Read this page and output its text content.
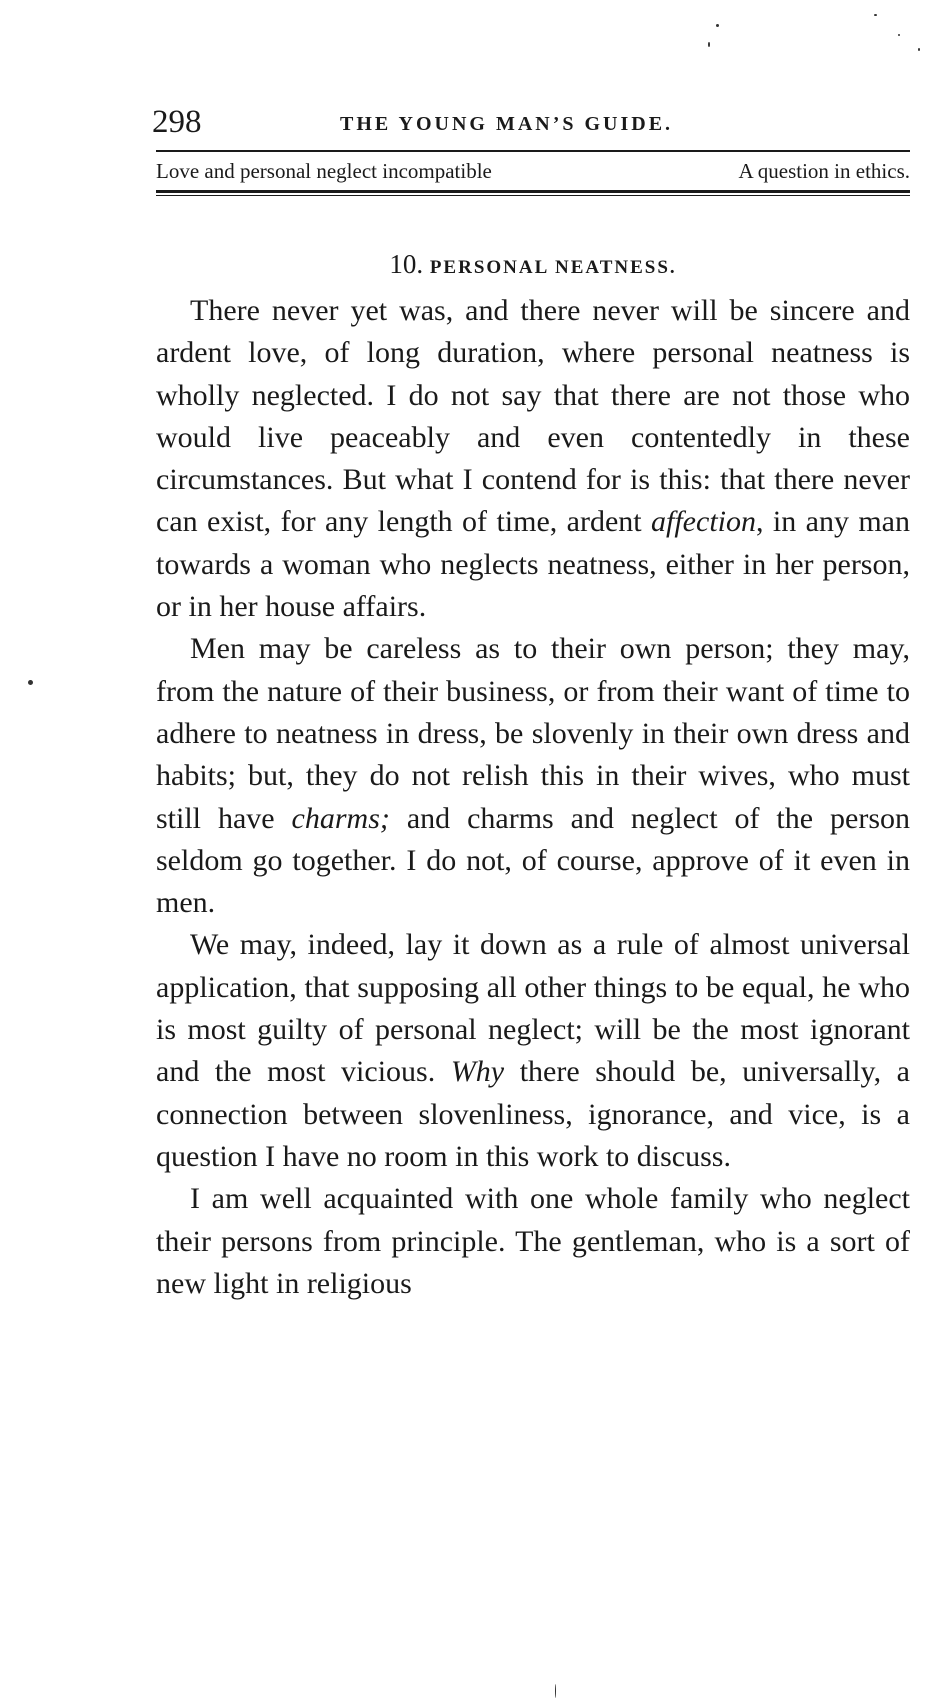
298	THE YOUNG MAN’S GUIDE.
Love and personal neglect incompatible	A question in ethics.
10. PERSONAL NEATNESS.

There never yet was, and there never will be sincere and ardent love, of long duration, where personal neatness is wholly neglected. I do not say that there are not those who would live peaceably and even contentedly in these circumstances. But what I contend for is this: that there never can exist, for any length of time, ardent affection, in any man towards a woman who neglects neatness, either in her person, or in her house affairs.

Men may be careless as to their own person; they may, from the nature of their business, or from their want of time to adhere to neatness in dress, be slovenly in their own dress and habits; but, they do not relish this in their wives, who must still have charms; and charms and neglect of the person seldom go together. I do not, of course, approve of it even in men.

We may, indeed, lay it down as a rule of almost universal application, that supposing all other things to be equal, he who is most guilty of personal neglect; will be the most ignorant and the most vicious. Why there should be, universally, a connection between slovenliness, ignorance, and vice, is a question I have no room in this work to discuss.

I am well acquainted with one whole family who neglect their persons from principle. The gentleman, who is a sort of new light in religious
